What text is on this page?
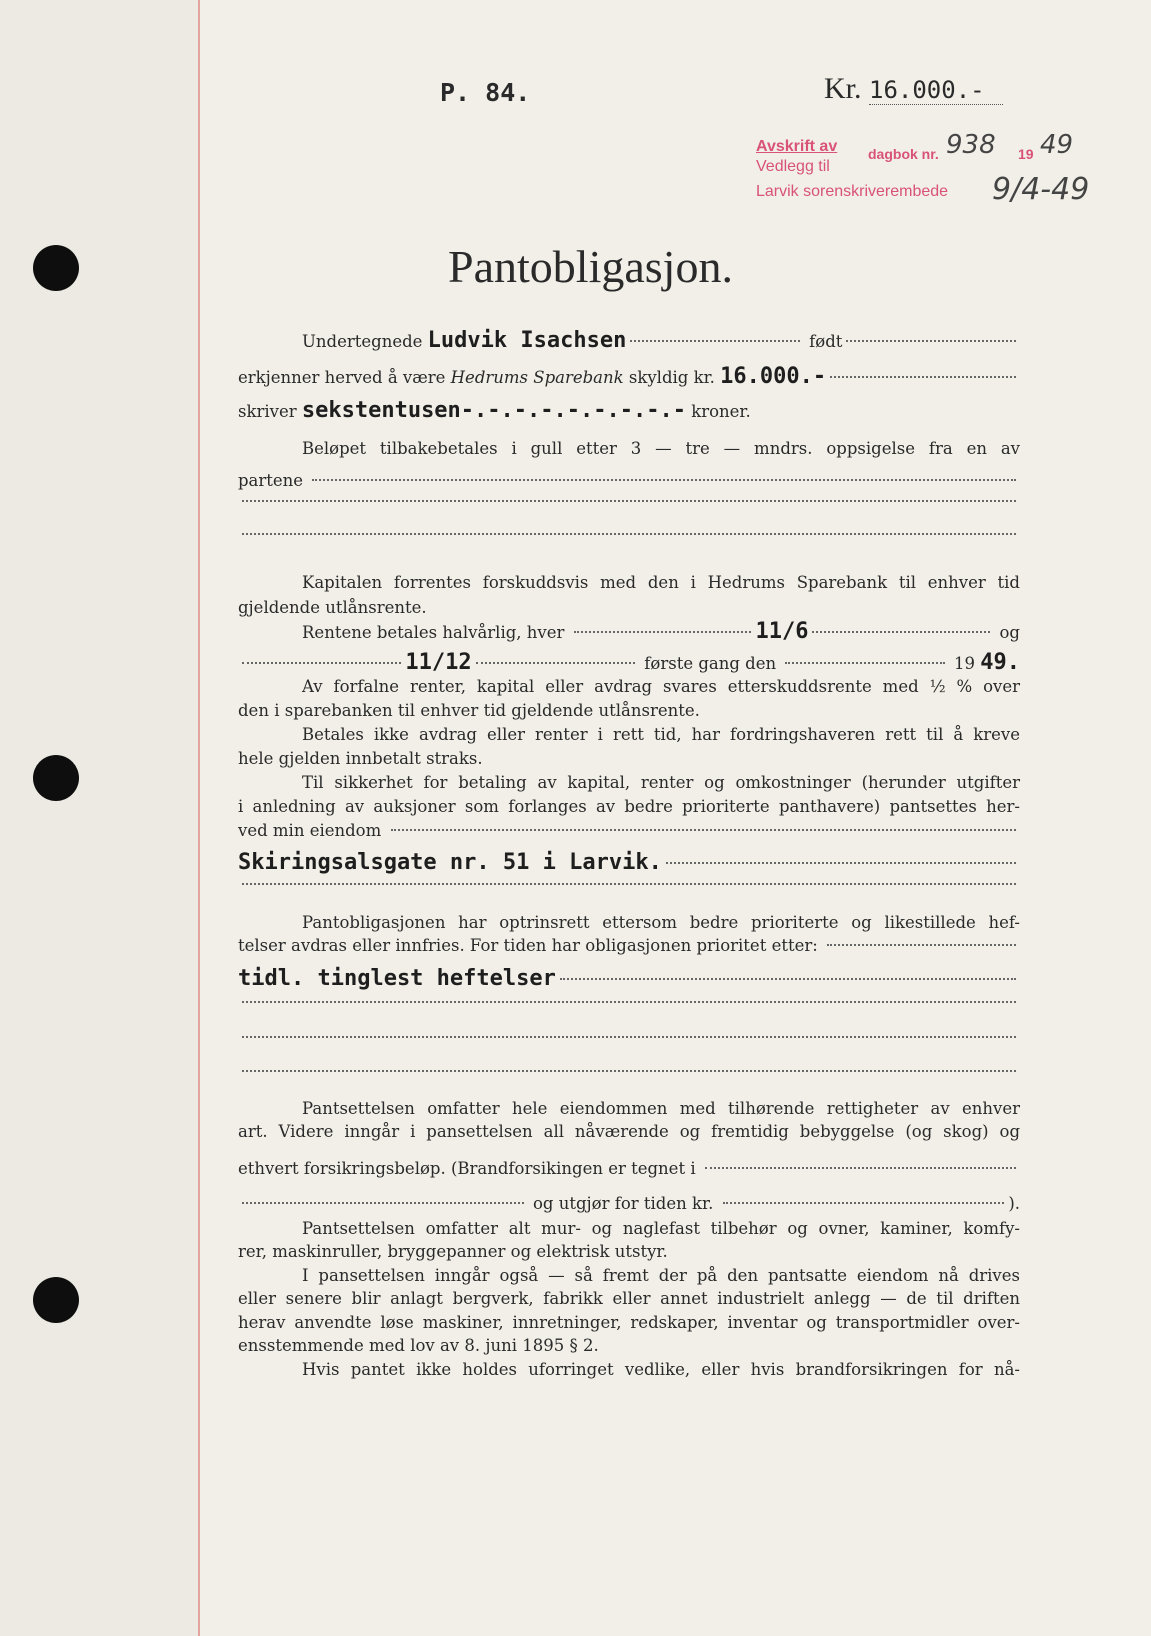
P. 84.	Kr. 16.000.-
Avskrift av
Vedlegg til
dagbok nr. 938 19 49
Larvik sorenskriverembede 9/4-49
Pantobligasjon.
Undertegnede Ludvik Isachsen	født
erkjenner herved å være Hedrums Sparebank skyldig kr. 16.000.-
skriver sekstentusen-.-.-.-.-.-.-.-.- kroner.
Beløpet tilbakebetales i gull etter 3 — tre — mndrs. oppsigelse fra en av
partene
Kapitalen forrentes forskuddsvis med den i Hedrums Sparebank til enhver tid
gjeldende utlånsrente.
Rentene betales halvårlig, hver	11/6	og
11/12	første gang den	19 49.
Av forfalne renter, kapital eller avdrag svares etterskuddsrente med ½ % over
den i sparebanken til enhver tid gjeldende utlånsrente.
Betales ikke avdrag eller renter i rett tid, har fordringshaveren rett til å kreve
hele gjelden innbetalt straks.
Til sikkerhet for betaling av kapital, renter og omkostninger (herunder utgifter
i anledning av auksjoner som forlanges av bedre prioriterte panthavere) pantsettes her-
ved min eiendom
Skiringsalsgate nr. 51 i Larvik.
Pantobligasjonen har optrinsrett ettersom bedre prioriterte og likestillede hef-
telser avdras eller innfries. For tiden har obligasjonen prioritet etter:
tidl. tinglest heftelser
Pantsettelsen omfatter hele eiendommen med tilhørende rettigheter av enhver
art. Videre inngår i pansettelsen all nåværende og fremtidig bebyggelse (og skog) og
ethvert forsikringsbeløp. (Brandforsikingen er tegnet i
og utgjør for tiden kr.	).
Pantsettelsen omfatter alt mur- og naglefast tilbehør og ovner, kaminer, komfy-
rer, maskinruller, bryggepanner og elektrisk utstyr.
I pansettelsen inngår også — så fremt der på den pantsatte eiendom nå drives
eller senere blir anlagt bergverk, fabrikk eller annet industrielt anlegg — de til driften
herav anvendte løse maskiner, innretninger, redskaper, inventar og transportmidler over-
ensstemmende med lov av 8. juni 1895 § 2.
Hvis pantet ikke holdes uforringet vedlike, eller hvis brandforsikringen for nå-
